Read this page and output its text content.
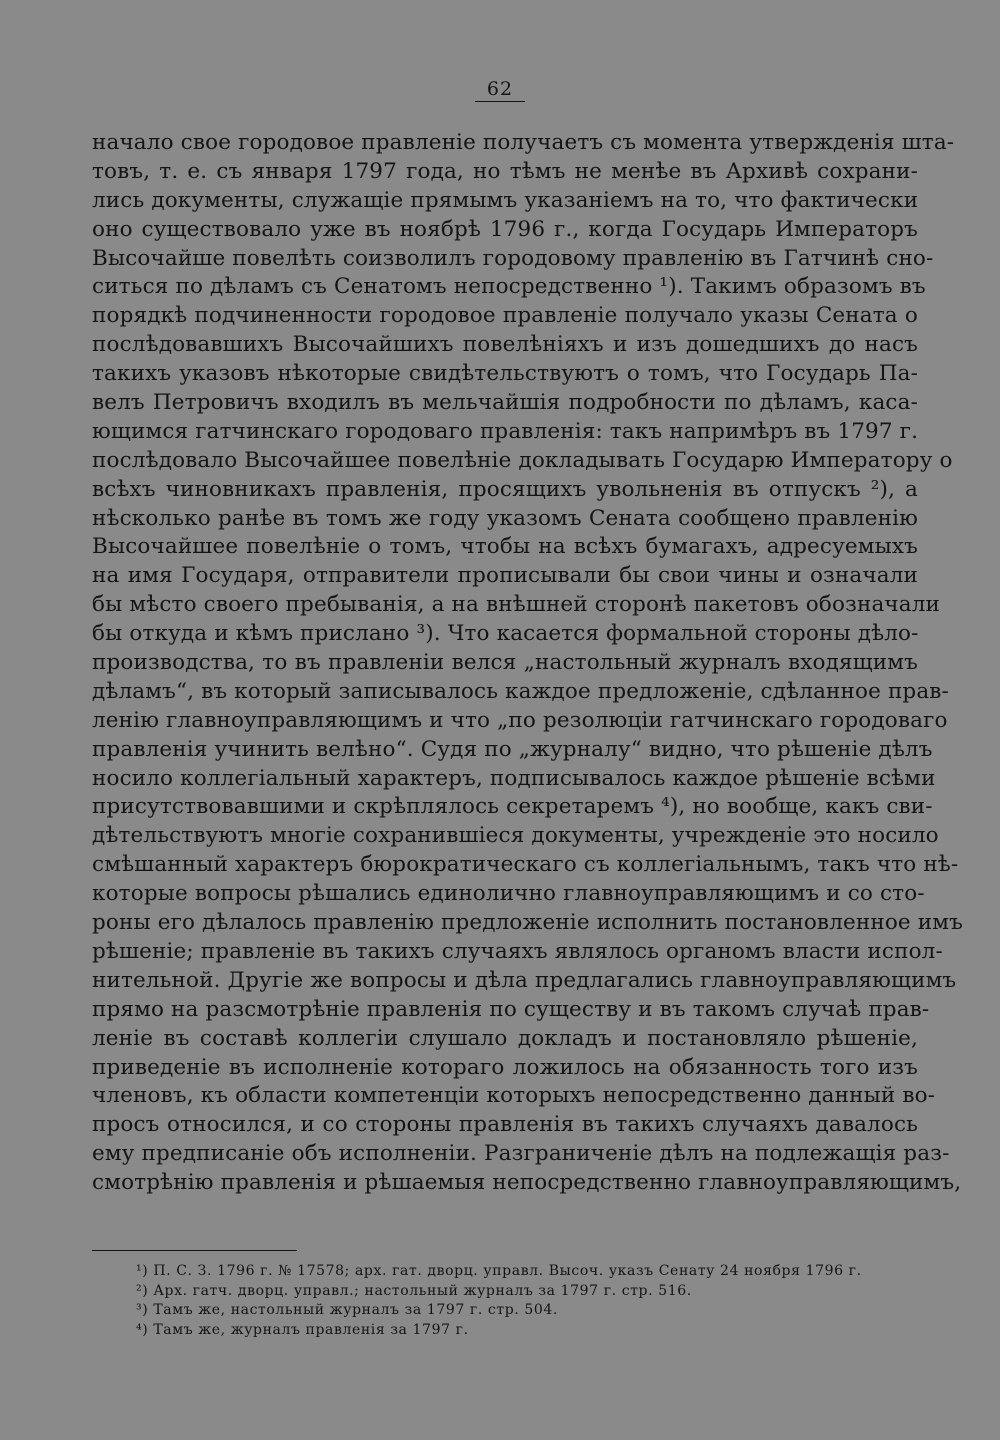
62
начало свое городовое правленіе получаетъ съ момента утвержденія шта-
товъ, т. е. съ января 1797 года, но тѣмъ не менѣе въ Архивѣ сохрани-
лись документы, служащіе прямымъ указаніемъ на то, что фактически
оно существовало уже въ ноябрѣ 1796 г., когда Государь Императоръ
Высочайше повелѣть соизволилъ городовому правленію въ Гатчинѣ сно-
ситься по дѣламъ съ Сенатомъ непосредственно ¹). Такимъ образомъ въ
порядкѣ подчиненности городовое правленіе получало указы Сената о
послѣдовавшихъ Высочайшихъ повелѣніяхъ и изъ дошедшихъ до насъ
такихъ указовъ нѣкоторые свидѣтельствуютъ о томъ, что Государь Па-
велъ Петровичъ входилъ въ мельчайшія подробности по дѣламъ, каса-
ющимся гатчинскаго городоваго правленія: такъ напримѣръ въ 1797 г.
послѣдовало Высочайшее повелѣніе докладывать Государю Императору о
всѣхъ чиновникахъ правленія, просящихъ увольненія въ отпускъ ²), а
нѣсколько ранѣе въ томъ же году указомъ Сената сообщено правленію
Высочайшее повелѣніе о томъ, чтобы на всѣхъ бумагахъ, адресуемыхъ
на имя Государя, отправители прописывали бы свои чины и означали
бы мѣсто своего пребыванія, а на внѣшней сторонѣ пакетовъ обозначали
бы откуда и кѣмъ прислано ³). Что касается формальной стороны дѣло-
производства, то въ правленіи велся „настольный журналъ входящимъ
дѣламъ“, въ который записывалось каждое предложеніе, сдѣланное прав-
ленію главноуправляющимъ и что „по резолюціи гатчинскаго городоваго
правленія учинить велѣно“. Судя по „журналу“ видно, что рѣшеніе дѣлъ
носило коллегіальный характеръ, подписывалось каждое рѣшеніе всѣми
присутствовавшими и скрѣплялось секретаремъ ⁴), но вообще, какъ сви-
дѣтельствуютъ многіе сохранившіеся документы, учрежденіе это носило
смѣшанный характеръ бюрократическаго съ коллегіальнымъ, такъ что нѣ-
которые вопросы рѣшались единолично главноуправляющимъ и со сто-
роны его дѣлалось правленію предложеніе исполнить постановленное имъ
рѣшеніе; правленіе въ такихъ случаяхъ являлось органомъ власти испол-
нительной. Другіе же вопросы и дѣла предлагались главноуправляющимъ
прямо на разсмотрѣніе правленія по существу и въ такомъ случаѣ прав-
леніе въ составѣ коллегіи слушало докладъ и постановляло рѣшеніе,
приведеніе въ исполненіе котораго ложилось на обязанность того изъ
членовъ, къ области компетенціи которыхъ непосредственно данный во-
просъ относился, и со стороны правленія въ такихъ случаяхъ давалось
ему предписаніе объ исполненіи. Разграниченіе дѣлъ на подлежащія раз-
смотрѣнію правленія и рѣшаемыя непосредственно главноуправляющимъ,
¹) П. С. З. 1796 г. № 17578; арх. гат. дворц. управл. Высоч. указъ Сенату 24 ноября 1796 г.
²) Арх. гатч. дворц. управл.; настольный журналъ за 1797 г. стр. 516.
³) Тамъ же, настольный журналъ за 1797 г. стр. 504.
⁴) Тамъ же, журналъ правленія за 1797 г.
